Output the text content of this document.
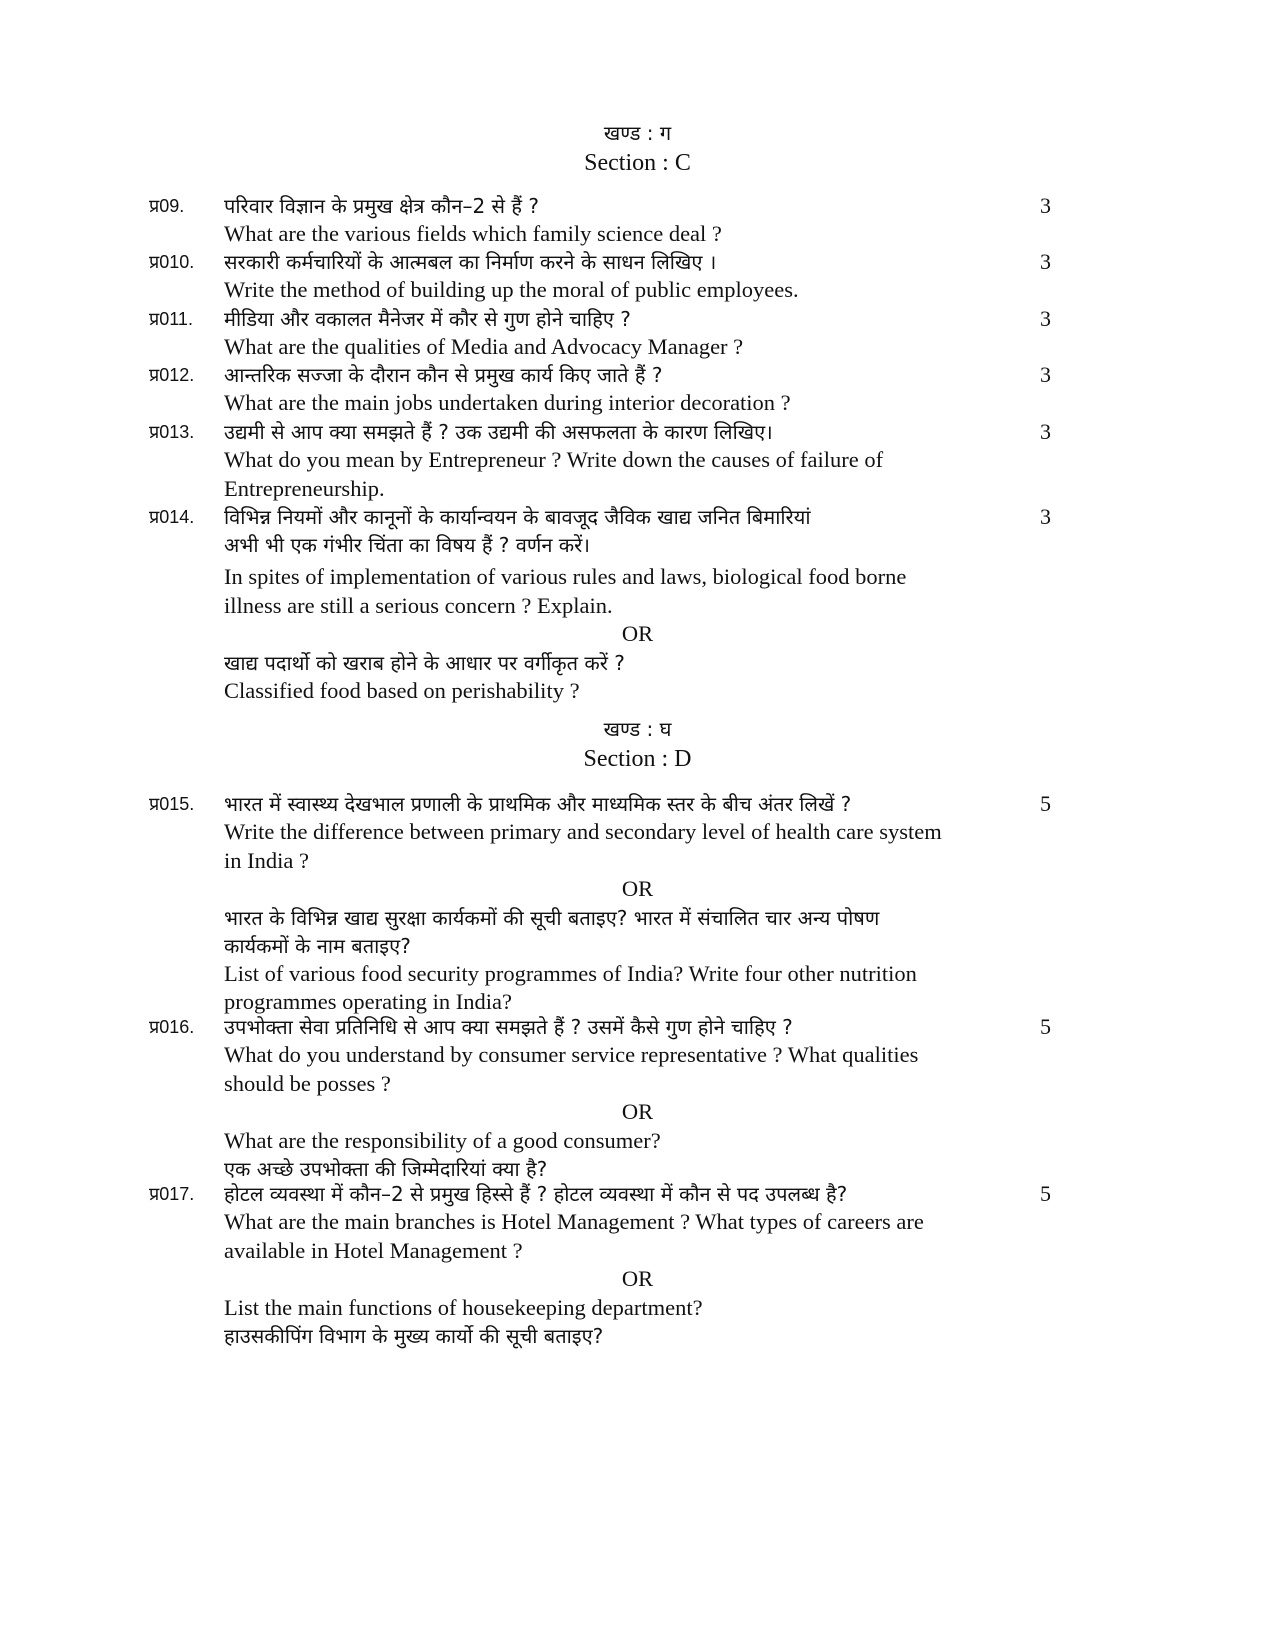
खण्ड : ग
Section : C
प्र09. परिवार विज्ञान के प्रमुख क्षेत्र कौन–2 से हैं ?
What are the various fields which family science deal ?
3
प्र010. सरकारी कर्मचारियों के आत्मबल का निर्माण करने के साधन लिखिए ।
Write the method of building up the moral of public employees.
3
प्र011. मीडिया और वकालत मैनेजर में कौर से गुण होने चाहिए ?
What are the qualities of Media and Advocacy Manager ?
3
प्र012. आन्तरिक सज्जा के दौरान कौन से प्रमुख कार्य किए जाते हैं ?
What are the main jobs undertaken during interior decoration ?
3
प्र013. उद्यमी से आप क्या समझते हैं ? उक उद्यमी की असफलता के कारण लिखिए।
What do you mean by Entrepreneur ? Write down the causes of failure of
Entrepreneurship.
3
प्र014. विभिन्न नियमों और कानूनों के कार्यान्वयन के बावजूद जैविक खाद्य जनित बिमारियां
अभी भी एक गंभीर चिंता का विषय हैं ? वर्णन करें।
In spites of implementation of various rules and laws, biological food borne
illness are still a serious concern ? Explain.
OR
खाद्य पदार्थो को खराब होने के आधार पर वर्गीकृत करें ?
Classified food based on perishability ?
3
खण्ड : घ
Section : D
प्र015. भारत में स्वास्थ्य देखभाल प्रणाली के प्राथमिक और माध्यमिक स्तर के बीच अंतर लिखें ?
Write the difference between primary and secondary level of health care system
in India ?
OR
भारत के विभिन्न खाद्य सुरक्षा कार्यकमों की सूची बताइए? भारत में संचालित चार अन्य पोषण
कार्यकमों के नाम बताइए?
List of various food security programmes of India? Write four other nutrition
programmes operating in India?
5
प्र016. उपभोक्ता सेवा प्रतिनिधि से आप क्या समझते हैं ? उसमें कैसे गुण होने चाहिए ?
What do you understand by consumer service representative ? What qualities
should be posses ?
OR
What are the responsibility of a good consumer?
एक अच्छे उपभोक्ता की जिम्मेदारियां क्या है?
5
प्र017. होटल व्यवस्था में कौन–2 से प्रमुख हिस्से हैं ? होटल व्यवस्था में कौन से पद उपलब्ध है?
What are the main branches is Hotel Management ? What types of careers are
available in Hotel Management ?
OR
List the main functions of housekeeping department?
हाउसकीपिंग विभाग के मुख्य कार्यो की सूची बताइए?
5
